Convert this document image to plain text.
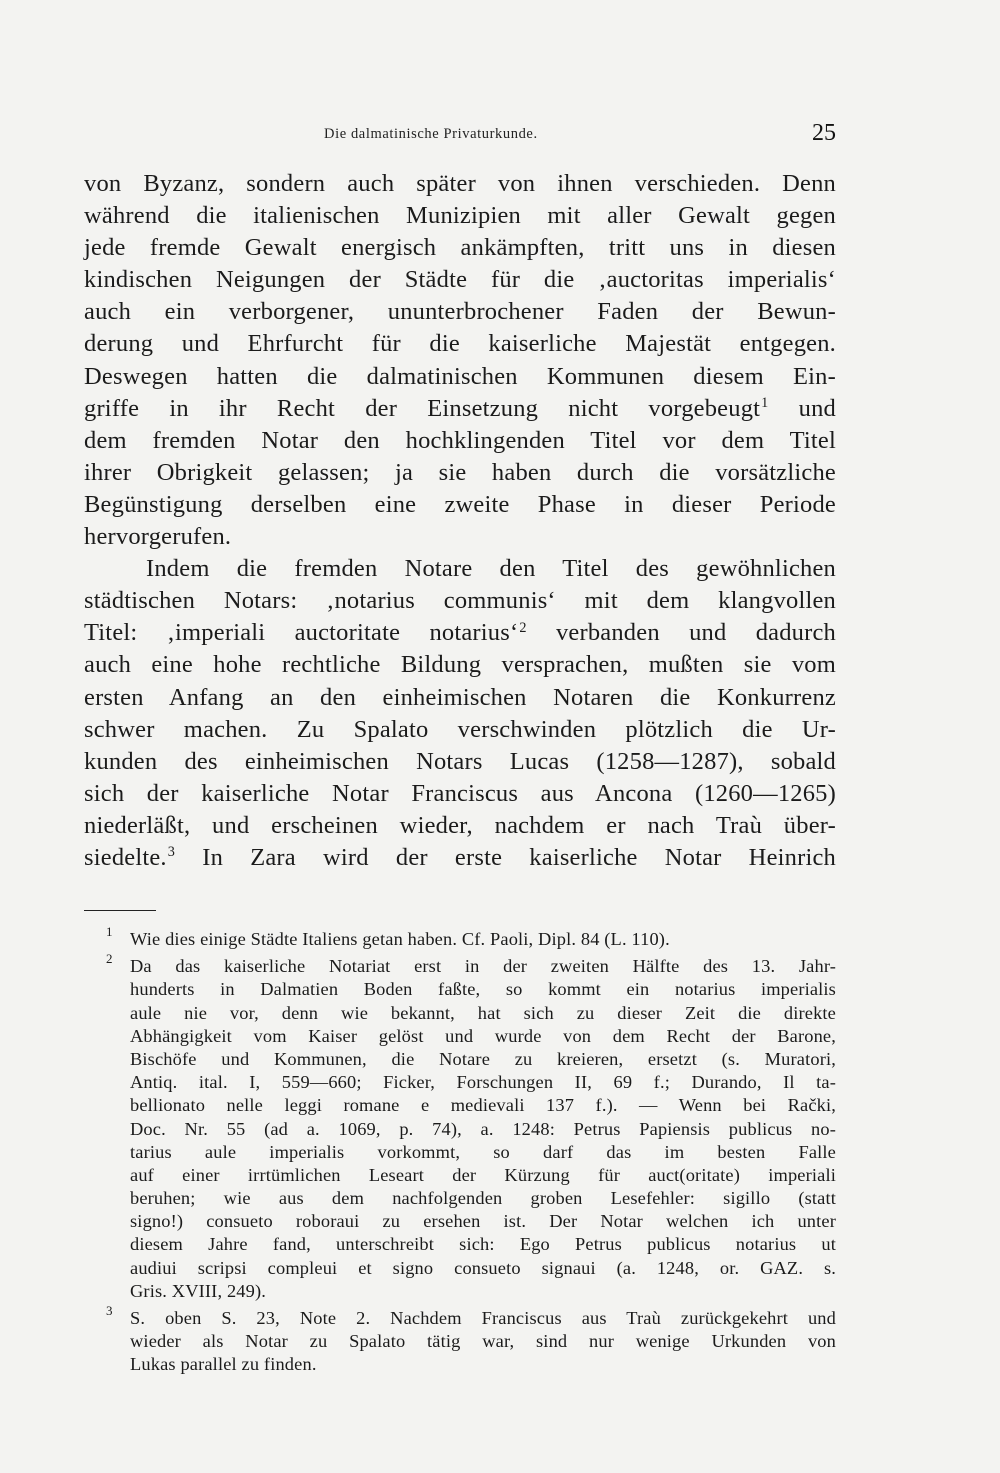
Die dalmatinische Privaturkunde.	25
von Byzanz, sondern auch später von ihnen verschieden. Denn
während die italienischen Munizipien mit aller Gewalt gegen
jede fremde Gewalt energisch ankämpften, tritt uns in diesen
kindischen Neigungen der Städte für die ‚auctoritas imperialis‘
auch ein verborgener, ununterbrochener Faden der Bewun-
derung und Ehrfurcht für die kaiserliche Majestät entgegen.
Deswegen hatten die dalmatinischen Kommunen diesem Ein-
griffe in ihr Recht der Einsetzung nicht vorgebeugt$^1$ und
dem fremden Notar den hochklingenden Titel vor dem Titel
ihrer Obrigkeit gelassen; ja sie haben durch die vorsätzliche
Begünstigung derselben eine zweite Phase in dieser Periode
hervorgerufen.
Indem die fremden Notare den Titel des gewöhnlichen
städtischen Notars: ‚notarius communis‘ mit dem klangvollen
Titel: ‚imperiali auctoritate notarius‘$^2$ verbanden und dadurch
auch eine hohe rechtliche Bildung versprachen, mußten sie vom
ersten Anfang an den einheimischen Notaren die Konkurrenz
schwer machen. Zu Spalato verschwinden plötzlich die Ur-
kunden des einheimischen Notars Lucas (1258—1287), sobald
sich der kaiserliche Notar Franciscus aus Ancona (1260—1265)
niederläßt, und erscheinen wieder, nachdem er nach Traù über-
siedelte.$^3$ In Zara wird der erste kaiserliche Notar Heinrich
1 Wie dies einige Städte Italiens getan haben. Cf. Paoli, Dipl. 84 (L. 110).
2 Da das kaiserliche Notariat erst in der zweiten Hälfte des 13. Jahr-
hunderts in Dalmatien Boden faßte, so kommt ein notarius imperialis
aule nie vor, denn wie bekannt, hat sich zu dieser Zeit die direkte
Abhängigkeit vom Kaiser gelöst und wurde von dem Recht der Barone,
Bischöfe und Kommunen, die Notare zu kreieren, ersetzt (s. Muratori,
Antiq. ital. I, 559—660; Ficker, Forschungen II, 69 f.; Durando, Il ta-
bellionato nelle leggi romane e medievali 137 f.). — Wenn bei Rački,
Doc. Nr. 55 (ad a. 1069, p. 74), a. 1248: Petrus Papiensis publicus no-
tarius aule imperialis vorkommt, so darf das im besten Falle
auf einer irrtümlichen Leseart der Kürzung für auct(oritate) imperiali
beruhen; wie aus dem nachfolgenden groben Lesefehler: sigillo (statt
signo!) consueto roboraui zu ersehen ist. Der Notar welchen ich unter
diesem Jahre fand, unterschreibt sich: Ego Petrus publicus notarius ut
audiui scripsi compleui et signo consueto signaui (a. 1248, or. GAZ. s.
Gris. XVIII, 249).
3 S. oben S. 23, Note 2. Nachdem Franciscus aus Traù zurückgekehrt und
wieder als Notar zu Spalato tätig war, sind nur wenige Urkunden von
Lukas parallel zu finden.
